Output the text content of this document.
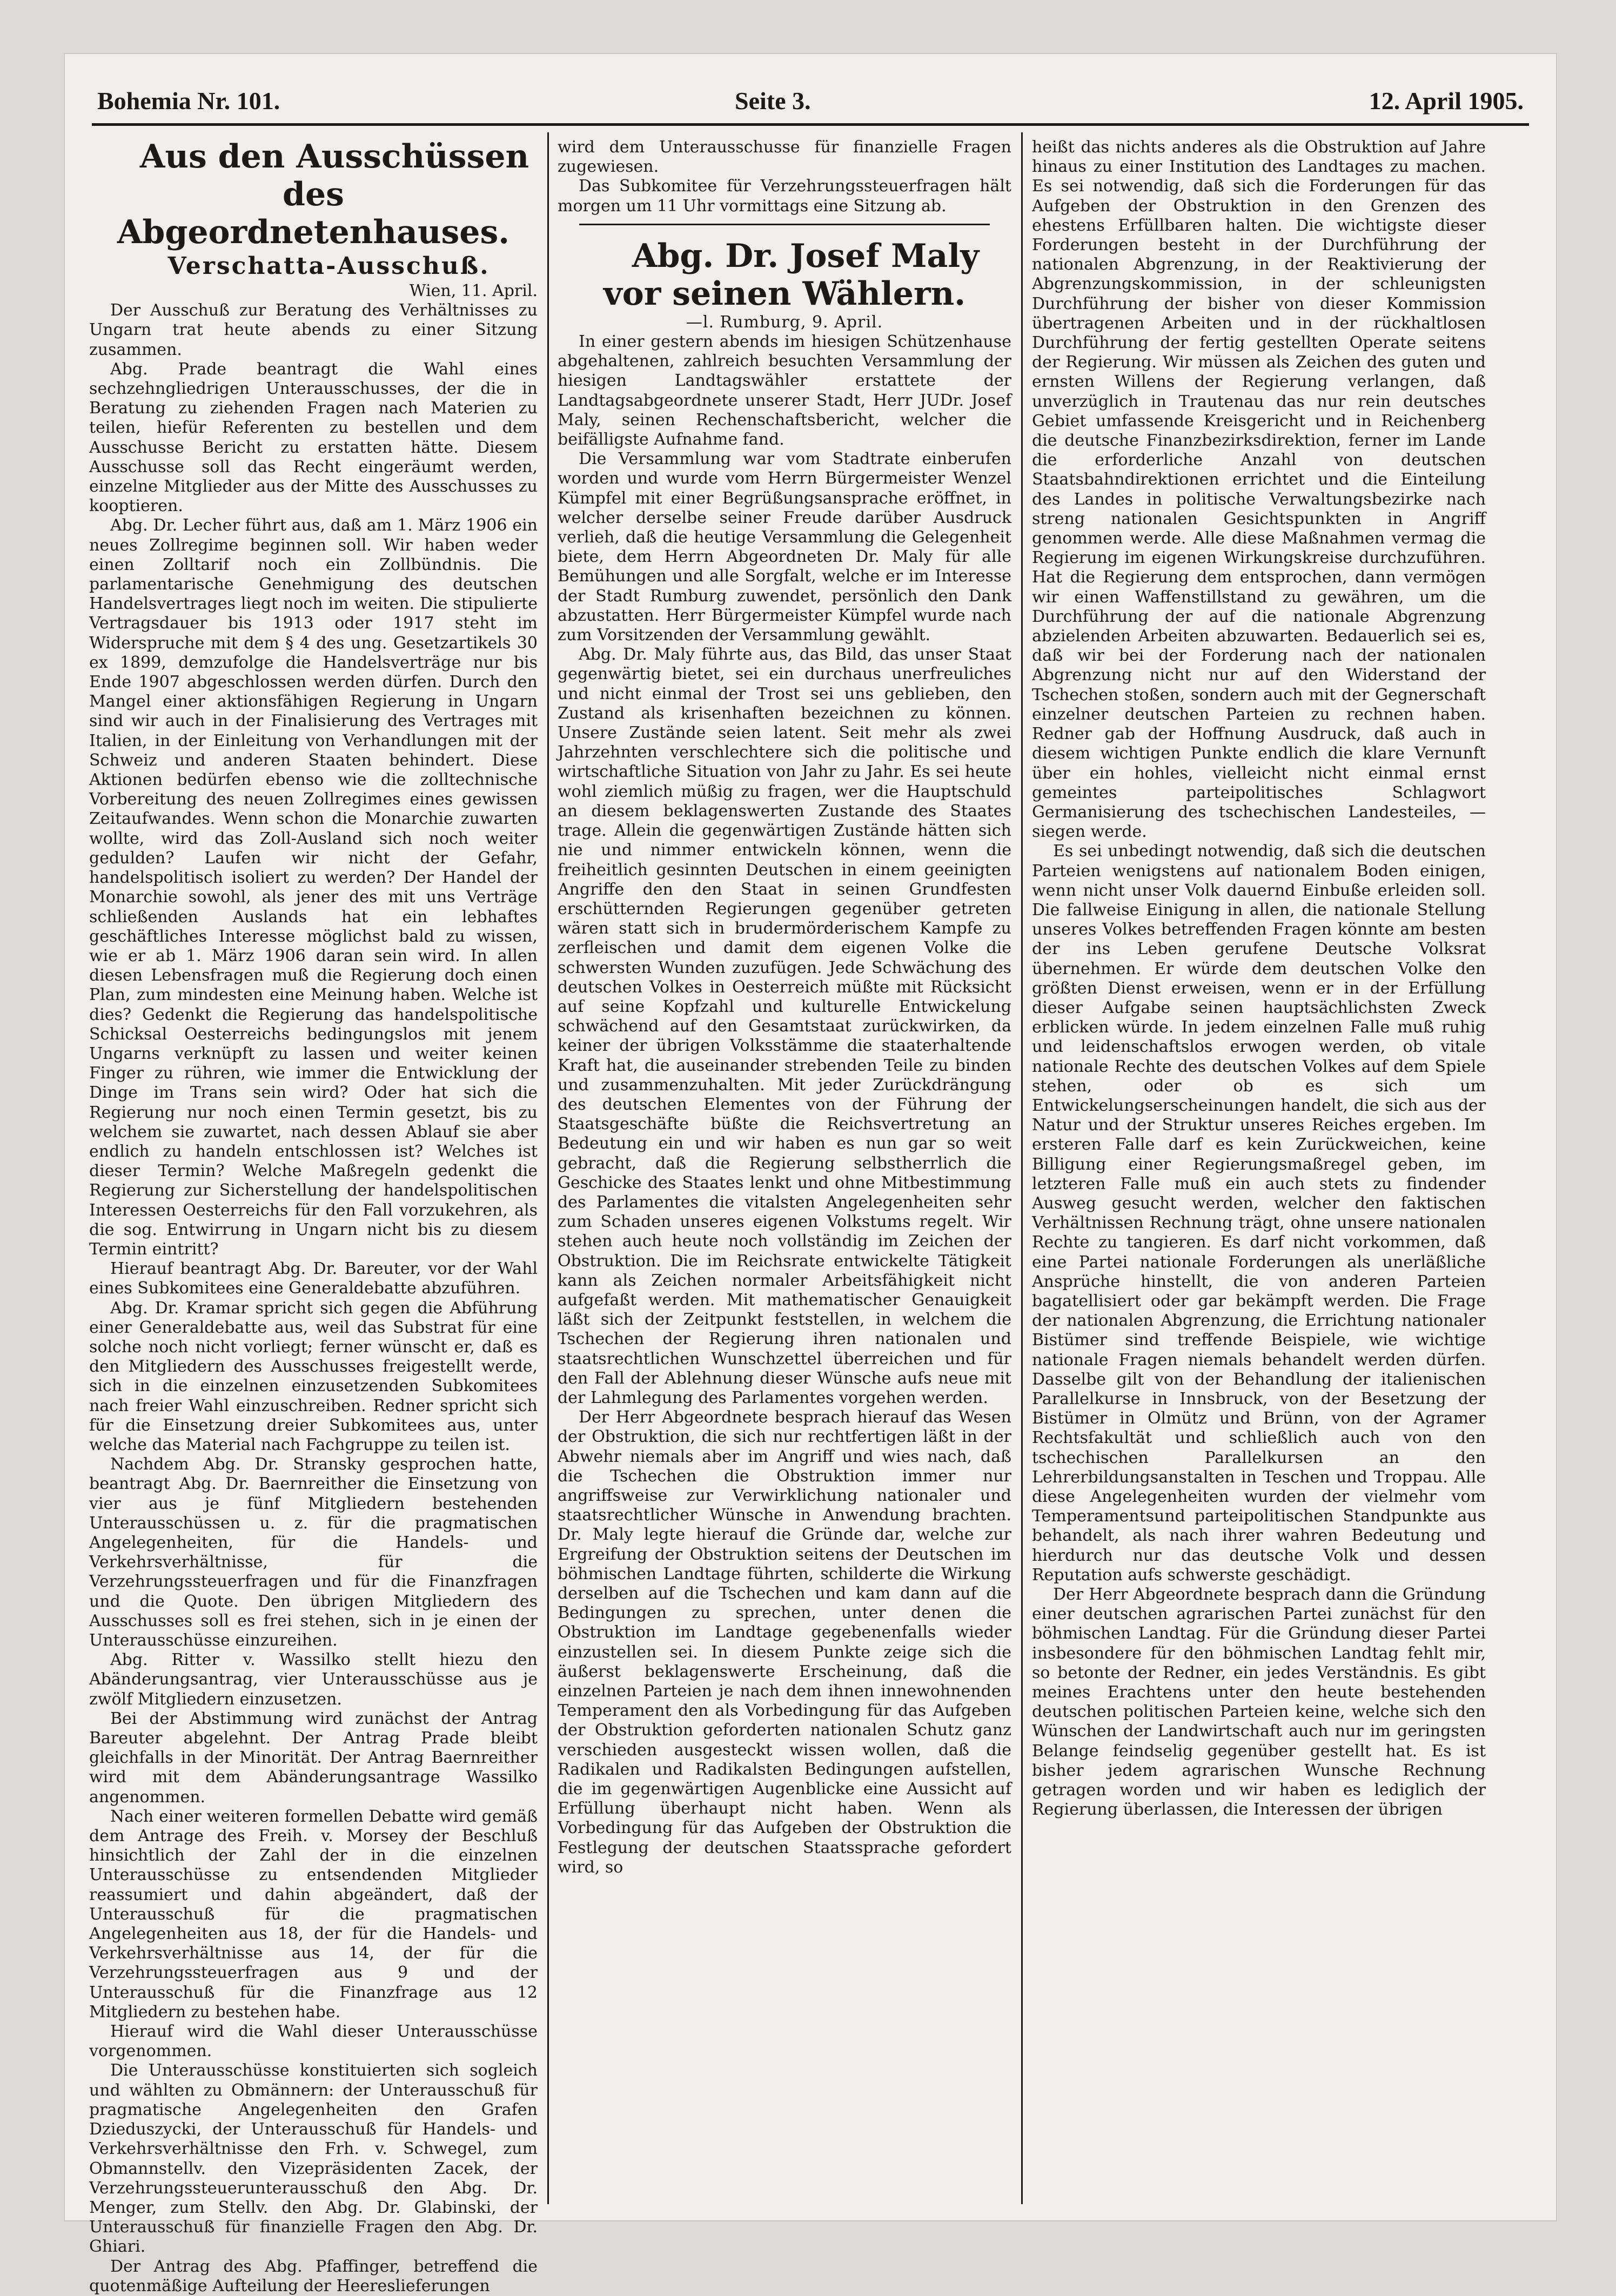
Bohemia Nr. 101.	Seite 3.	12. April 1905.

Aus den Ausschüssen des Abgeordnetenhauses.

Verschatta-Ausschuß.

Wien, 11. April.

Der Ausschuß zur Beratung des Verhältnisses zu Ungarn trat heute abends zu einer Sitzung zusammen.

Abg. Prade beantragt die Wahl eines sechzehngliedrigen Unterausschusses, der die in Beratung zu ziehenden Fragen nach Materien zu teilen, hiefür Referenten zu bestellen und dem Ausschusse Bericht zu erstatten hätte. Diesem Ausschusse soll das Recht eingeräumt werden, einzelne Mitglieder aus der Mitte des Ausschusses zu kooptieren.

Abg. Dr. Lecher führt aus, daß am 1. März 1906 ein neues Zollregime beginnen soll. Wir haben weder einen Zolltarif noch ein Zollbündnis. Die parlamentarische Genehmigung des deutschen Handelsvertrages liegt noch im weiten. Die stipulierte Vertragsdauer bis 1913 oder 1917 steht im Widerspruche mit dem § 4 des ung. Gesetzartikels 30 ex 1899, demzufolge die Handelsverträge nur bis Ende 1907 abgeschlossen werden dürfen. Durch den Mangel einer aktionsfähigen Regierung in Ungarn sind wir auch in der Finalisierung des Vertrages mit Italien, in der Einleitung von Verhandlungen mit der Schweiz und anderen Staaten behindert. Diese Aktionen bedürfen ebenso wie die zolltechnische Vorbereitung des neuen Zollregimes eines gewissen Zeitaufwandes. Wenn schon die Monarchie zuwarten wollte, wird das Zoll-Ausland sich noch weiter gedulden? Laufen wir nicht der Gefahr, handelspolitisch isoliert zu werden? Der Handel der Monarchie sowohl, als jener des mit uns Verträge schließenden Auslands hat ein lebhaftes geschäftliches Interesse möglichst bald zu wissen, wie er ab 1. März 1906 daran sein wird. In allen diesen Lebensfragen muß die Regierung doch einen Plan, zum mindesten eine Meinung haben. Welche ist dies? Gedenkt die Regierung das handelspolitische Schicksal Oesterreichs bedingungslos mit jenem Ungarns verknüpft zu lassen und weiter keinen Finger zu rühren, wie immer die Entwicklung der Dinge im Trans sein wird? Oder hat sich die Regierung nur noch einen Termin gesetzt, bis zu welchem sie zuwartet, nach dessen Ablauf sie aber endlich zu handeln entschlossen ist? Welches ist dieser Termin? Welche Maßregeln gedenkt die Regierung zur Sicherstellung der handelspolitischen Interessen Oesterreichs für den Fall vorzukehren, als die sog. Entwirrung in Ungarn nicht bis zu diesem Termin eintritt?

Hierauf beantragt Abg. Dr. Bareuter, vor der Wahl eines Subkomitees eine Generaldebatte abzuführen.

Abg. Dr. Kramar spricht sich gegen die Abführung einer Generaldebatte aus, weil das Substrat für eine solche noch nicht vorliegt; ferner wünscht er, daß es den Mitgliedern des Ausschusses freigestellt werde, sich in die einzelnen einzusetzenden Subkomitees nach freier Wahl einzuschreiben. Redner spricht sich für die Einsetzung dreier Subkomitees aus, unter welche das Material nach Fachgruppe zu teilen ist.

Nachdem Abg. Dr. Stransky gesprochen hatte, beantragt Abg. Dr. Baernreither die Einsetzung von vier aus je fünf Mitgliedern bestehenden Unterausschüssen u. z. für die pragmatischen Angelegenheiten, für die Handels- und Verkehrsverhältnisse, für die Verzehrungssteuerfragen und für die Finanzfragen und die Quote. Den übrigen Mitgliedern des Ausschusses soll es frei stehen, sich in je einen der Unterausschüsse einzureihen.

Abg. Ritter v. Wassilko stellt hiezu den Abänderungsantrag, vier Unterausschüsse aus je zwölf Mitgliedern einzusetzen.

Bei der Abstimmung wird zunächst der Antrag Bareuter abgelehnt. Der Antrag Prade bleibt gleichfalls in der Minorität. Der Antrag Baernreither wird mit dem Abänderungsantrage Wassilko angenommen.

Nach einer weiteren formellen Debatte wird gemäß dem Antrage des Freih. v. Morsey der Beschluß hinsichtlich der Zahl der in die einzelnen Unterausschüsse zu entsendenden Mitglieder reassumiert und dahin abgeändert, daß der Unterausschuß für die pragmatischen Angelegenheiten aus 18, der für die Handels- und Verkehrsverhältnisse aus 14, der für die Verzehrungssteuerfragen aus 9 und der Unterausschuß für die Finanzfrage aus 12 Mitgliedern zu bestehen habe.

Hierauf wird die Wahl dieser Unterausschüsse vorgenommen.

Die Unterausschüsse konstituierten sich sogleich und wählten zu Obmännern: der Unterausschuß für pragmatische Angelegenheiten den Grafen Dzieduszycki, der Unterausschuß für Handels- und Verkehrsverhältnisse den Frh. v. Schwegel, zum Obmannstellv. den Vizepräsidenten Zacek, der Verzehrungssteuerunterausschuß den Abg. Dr. Menger, zum Stellv. den Abg. Dr. Glabinski, der Unterausschuß für finanzielle Fragen den Abg. Dr. Ghiari.

Der Antrag des Abg. Pfaffinger, betreffend die quotenmäßige Aufteilung der Heereslieferungen

wird dem Unterausschusse für finanzielle Fragen zugewiesen.

Das Subkomitee für Verzehrungssteuerfragen hält morgen um 11 Uhr vormittags eine Sitzung ab.

Abg. Dr. Josef Maly vor seinen Wählern.

—l. Rumburg, 9. April.

In einer gestern abends im hiesigen Schützenhause abgehaltenen, zahlreich besuchten Versammlung der hiesigen Landtagswähler erstattete der Landtagsabgeordnete unserer Stadt, Herr JUDr. Josef Maly, seinen Rechenschaftsbericht, welcher die beifälligste Aufnahme fand.

Die Versammlung war vom Stadtrate einberufen worden und wurde vom Herrn Bürgermeister Wenzel Kümpfel mit einer Begrüßungsansprache eröffnet, in welcher derselbe seiner Freude darüber Ausdruck verlieh, daß die heutige Versammlung die Gelegenheit biete, dem Herrn Abgeordneten Dr. Maly für alle Bemühungen und alle Sorgfalt, welche er im Interesse der Stadt Rumburg zuwendet, persönlich den Dank abzustatten. Herr Bürgermeister Kümpfel wurde nach zum Vorsitzenden der Versammlung gewählt.

Abg. Dr. Maly führte aus, das Bild, das unser Staat gegenwärtig bietet, sei ein durchaus unerfreuliches und nicht einmal der Trost sei uns geblieben, den Zustand als krisenhaften bezeichnen zu können. Unsere Zustände seien latent. Seit mehr als zwei Jahrzehnten verschlechtere sich die politische und wirtschaftliche Situation von Jahr zu Jahr. Es sei heute wohl ziemlich müßig zu fragen, wer die Hauptschuld an diesem beklagenswerten Zustande des Staates trage. Allein die gegenwärtigen Zustände hätten sich nie und nimmer entwickeln können, wenn die freiheitlich gesinnten Deutschen in einem geeinigten Angriffe den den Staat in seinen Grundfesten erschütternden Regierungen gegenüber getreten wären statt sich in brudermörderischem Kampfe zu zerfleischen und damit dem eigenen Volke die schwersten Wunden zuzufügen. Jede Schwächung des deutschen Volkes in Oesterreich müßte mit Rücksicht auf seine Kopfzahl und kulturelle Entwickelung schwächend auf den Gesamtstaat zurückwirken, da keiner der übrigen Volksstämme die staaterhaltende Kraft hat, die auseinander strebenden Teile zu binden und zusammenzuhalten. Mit jeder Zurückdrängung des deutschen Elementes von der Führung der Staatsgeschäfte büßte die Reichsvertretung an Bedeutung ein und wir haben es nun gar so weit gebracht, daß die Regierung selbstherrlich die Geschicke des Staates lenkt und ohne Mitbestimmung des Parlamentes die vitalsten Angelegenheiten sehr zum Schaden unseres eigenen Volkstums regelt. Wir stehen auch heute noch vollständig im Zeichen der Obstruktion. Die im Reichsrate entwickelte Tätigkeit kann als Zeichen normaler Arbeitsfähigkeit nicht aufgefaßt werden. Mit mathematischer Genauigkeit läßt sich der Zeitpunkt feststellen, in welchem die Tschechen der Regierung ihren nationalen und staatsrechtlichen Wunschzettel überreichen und für den Fall der Ablehnung dieser Wünsche aufs neue mit der Lahmlegung des Parlamentes vorgehen werden.

Der Herr Abgeordnete besprach hierauf das Wesen der Obstruktion, die sich nur rechtfertigen läßt in der Abwehr niemals aber im Angriff und wies nach, daß die Tschechen die Obstruktion immer nur angriffsweise zur Verwirklichung nationaler und staatsrechtlicher Wünsche in Anwendung brachten. Dr. Maly legte hierauf die Gründe dar, welche zur Ergreifung der Obstruktion seitens der Deutschen im böhmischen Landtage führten, schilderte die Wirkung derselben auf die Tschechen und kam dann auf die Bedingungen zu sprechen, unter denen die Obstruktion im Landtage gegebenenfalls wieder einzustellen sei. In diesem Punkte zeige sich die äußerst beklagenswerte Erscheinung, daß die einzelnen Parteien je nach dem ihnen innewohnenden Temperament den als Vorbedingung für das Aufgeben der Obstruktion geforderten nationalen Schutz ganz verschieden ausgesteckt wissen wollen, daß die Radikalen und Radikalsten Bedingungen aufstellen, die im gegenwärtigen Augenblicke eine Aussicht auf Erfüllung überhaupt nicht haben. Wenn als Vorbedingung für das Aufgeben der Obstruktion die Festlegung der deutschen Staatssprache gefordert wird, so

heißt das nichts anderes als die Obstruktion auf Jahre hinaus zu einer Institution des Landtages zu machen. Es sei notwendig, daß sich die Forderungen für das Aufgeben der Obstruktion in den Grenzen des ehestens Erfüllbaren halten. Die wichtigste dieser Forderungen besteht in der Durchführung der nationalen Abgrenzung, in der Reaktivierung der Abgrenzungskommission, in der schleunigsten Durchführung der bisher von dieser Kommission übertragenen Arbeiten und in der rückhaltlosen Durchführung der fertig gestellten Operate seitens der Regierung. Wir müssen als Zeichen des guten und ernsten Willens der Regierung verlangen, daß unverzüglich in Trautenau das nur rein deutsches Gebiet umfassende Kreisgericht und in Reichenberg die deutsche Finanzbezirksdirektion, ferner im Lande die erforderliche Anzahl von deutschen Staatsbahndirektionen errichtet und die Einteilung des Landes in politische Verwaltungsbezirke nach streng nationalen Gesichtspunkten in Angriff genommen werde. Alle diese Maßnahmen vermag die Regierung im eigenen Wirkungskreise durchzuführen. Hat die Regierung dem entsprochen, dann vermögen wir einen Waffenstillstand zu gewähren, um die Durchführung der auf die nationale Abgrenzung abzielenden Arbeiten abzuwarten. Bedauerlich sei es, daß wir bei der Forderung nach der nationalen Abgrenzung nicht nur auf den Widerstand der Tschechen stoßen, sondern auch mit der Gegnerschaft einzelner deutschen Parteien zu rechnen haben. Redner gab der Hoffnung Ausdruck, daß auch in diesem wichtigen Punkte endlich die klare Vernunft über ein hohles, vielleicht nicht einmal ernst gemeintes parteipolitisches Schlagwort Germanisierung des tschechischen Landesteiles, — siegen werde.

Es sei unbedingt notwendig, daß sich die deutschen Parteien wenigstens auf nationalem Boden einigen, wenn nicht unser Volk dauernd Einbuße erleiden soll. Die fallweise Einigung in allen, die nationale Stellung unseres Volkes betreffenden Fragen könnte am besten der ins Leben gerufene Deutsche Volksrat übernehmen. Er würde dem deutschen Volke den größten Dienst erweisen, wenn er in der Erfüllung dieser Aufgabe seinen hauptsächlichsten Zweck erblicken würde. In jedem einzelnen Falle muß ruhig und leidenschaftslos erwogen werden, ob vitale nationale Rechte des deutschen Volkes auf dem Spiele stehen, oder ob es sich um Entwickelungserscheinungen handelt, die sich aus der Natur und der Struktur unseres Reiches ergeben. Im ersteren Falle darf es kein Zurückweichen, keine Billigung einer Regierungsmaßregel geben, im letzteren Falle muß ein auch stets zu findender Ausweg gesucht werden, welcher den faktischen Verhältnissen Rechnung trägt, ohne unsere nationalen Rechte zu tangieren. Es darf nicht vorkommen, daß eine Partei nationale Forderungen als unerläßliche Ansprüche hinstellt, die von anderen Parteien bagatellisiert oder gar bekämpft werden. Die Frage der nationalen Abgrenzung, die Errichtung nationaler Bistümer sind treffende Beispiele, wie wichtige nationale Fragen niemals behandelt werden dürfen. Dasselbe gilt von der Behandlung der italienischen Parallelkurse in Innsbruck, von der Besetzung der Bistümer in Olmütz und Brünn, von der Agramer Rechtsfakultät und schließlich auch von den tschechischen Parallelkursen an den Lehrerbildungsanstalten in Teschen und Troppau. Alle diese Angelegenheiten wurden der vielmehr vom Temperamentsund parteipolitischen Standpunkte aus behandelt, als nach ihrer wahren Bedeutung und hierdurch nur das deutsche Volk und dessen Reputation aufs schwerste geschädigt.

Der Herr Abgeordnete besprach dann die Gründung einer deutschen agrarischen Partei zunächst für den böhmischen Landtag. Für die Gründung dieser Partei insbesondere für den böhmischen Landtag fehlt mir, so betonte der Redner, ein jedes Verständnis. Es gibt meines Erachtens unter den heute bestehenden deutschen politischen Parteien keine, welche sich den Wünschen der Landwirtschaft auch nur im geringsten Belange feindselig gegenüber gestellt hat. Es ist bisher jedem agrarischen Wunsche Rechnung getragen worden und wir haben es lediglich der Regierung überlassen, die Interessen der übrigen
